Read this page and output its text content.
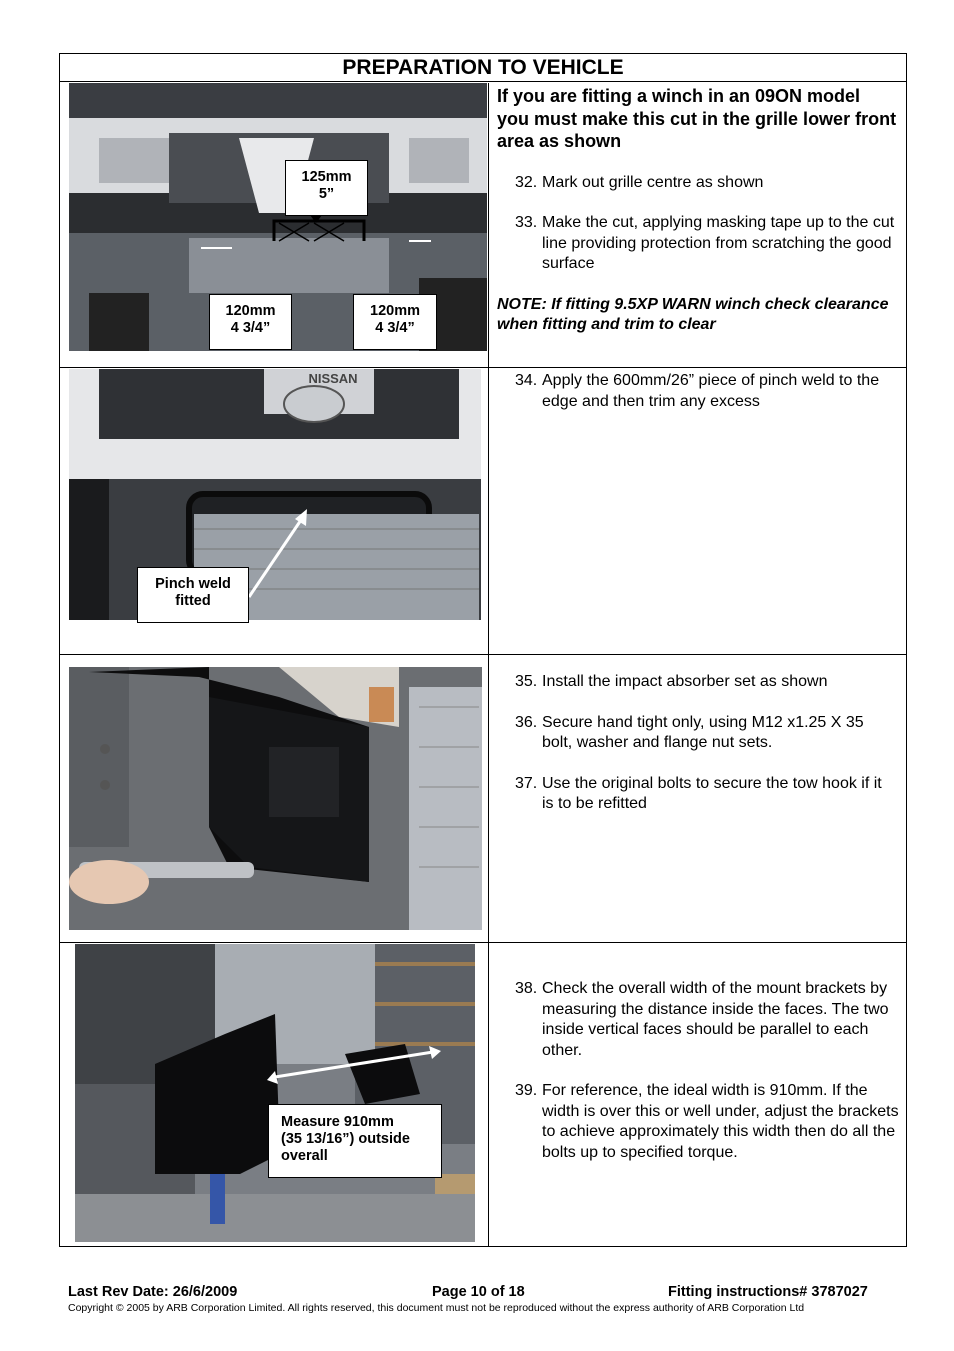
PREPARATION TO VEHICLE
125mm
5”
120mm
4 3/4”
120mm
4 3/4”
If you are fitting a winch in an 09ON model you must make this cut in the grille lower front area as shown
32. Mark out grille centre as shown
33. Make the cut, applying masking tape up to the cut line providing protection from scratching the good surface
NOTE: If fitting 9.5XP WARN winch check clearance when fitting and trim to clear
NISSAN
Pinch weld
fitted
34. Apply the 600mm/26” piece of pinch weld to the edge and then trim any excess
35. Install the impact absorber set as shown
36. Secure hand tight only, using M12 x1.25 X 35 bolt, washer and flange nut sets.
37. Use the original bolts to secure the tow hook if it is to be refitted
Measure 910mm
(35 13/16”) outside
overall
38. Check the overall width of the mount brackets by measuring the distance inside the faces. The two inside vertical faces should be parallel to each other.
39. For reference, the ideal width is 910mm. If the width is over this or well under, adjust the brackets to achieve approximately this width then do all the bolts up to specified torque.
Last Rev Date: 26/6/2009	Page 10 of 18	Fitting instructions# 3787027
Copyright © 2005 by ARB Corporation Limited. All rights reserved, this document must not be reproduced without the express authority of ARB Corporation Ltd
